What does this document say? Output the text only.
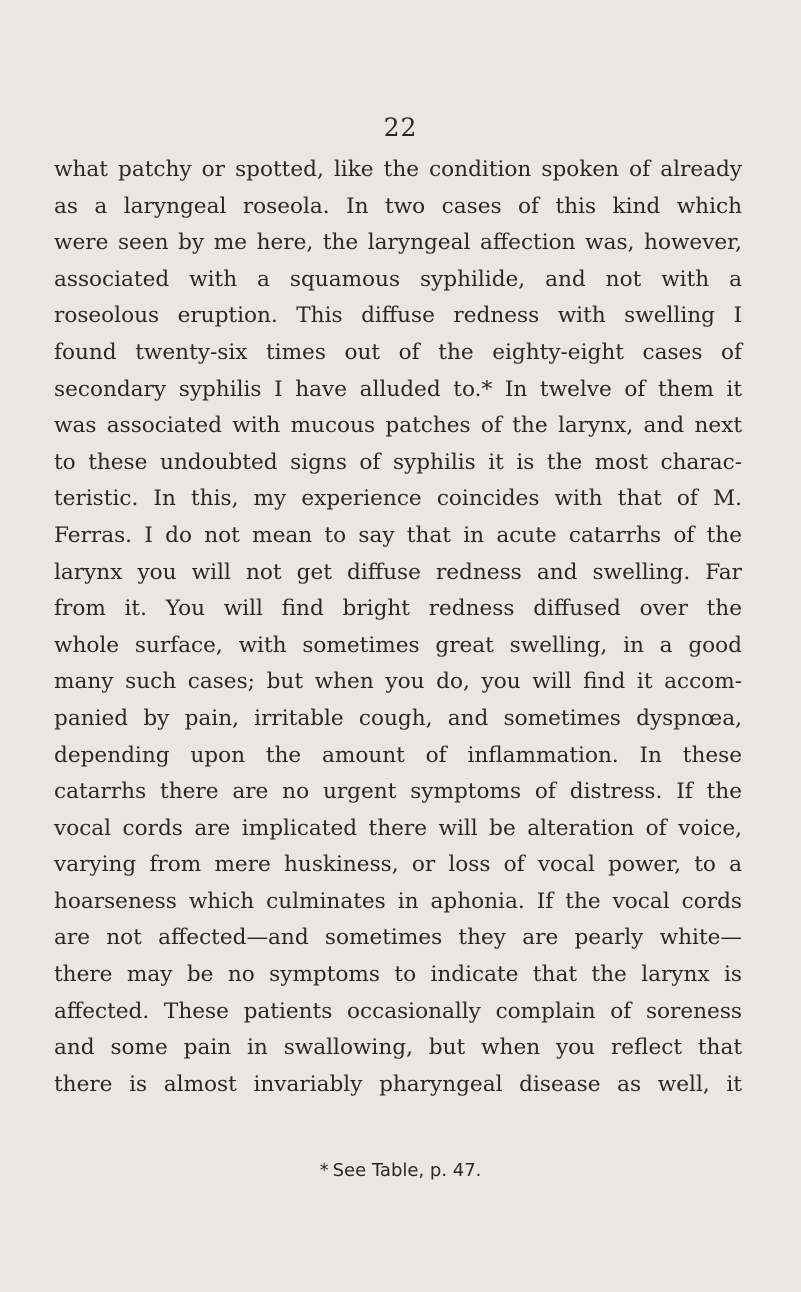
22
what patchy or spotted, like the condition spoken of already
as a laryngeal roseola. In two cases of this kind which
were seen by me here, the laryngeal affection was, however,
associated with a squamous syphilide, and not with a
roseolous eruption. This diffuse redness with swelling I
found twenty-six times out of the eighty-eight cases of
secondary syphilis I have alluded to.* In twelve of them it
was associated with mucous patches of the larynx, and next
to these undoubted signs of syphilis it is the most charac-
teristic. In this, my experience coincides with that of M.
Ferras. I do not mean to say that in acute catarrhs of the
larynx you will not get diffuse redness and swelling. Far
from it. You will find bright redness diffused over the
whole surface, with sometimes great swelling, in a good
many such cases; but when you do, you will find it accom-
panied by pain, irritable cough, and sometimes dyspnœa,
depending upon the amount of inflammation. In these
catarrhs there are no urgent symptoms of distress. If the
vocal cords are implicated there will be alteration of voice,
varying from mere huskiness, or loss of vocal power, to a
hoarseness which culminates in aphonia. If the vocal cords
are not affected—and sometimes they are pearly white—
there may be no symptoms to indicate that the larynx is
affected. These patients occasionally complain of soreness
and some pain in swallowing, but when you reflect that
there is almost invariably pharyngeal disease as well, it
* See Table, p. 47.
